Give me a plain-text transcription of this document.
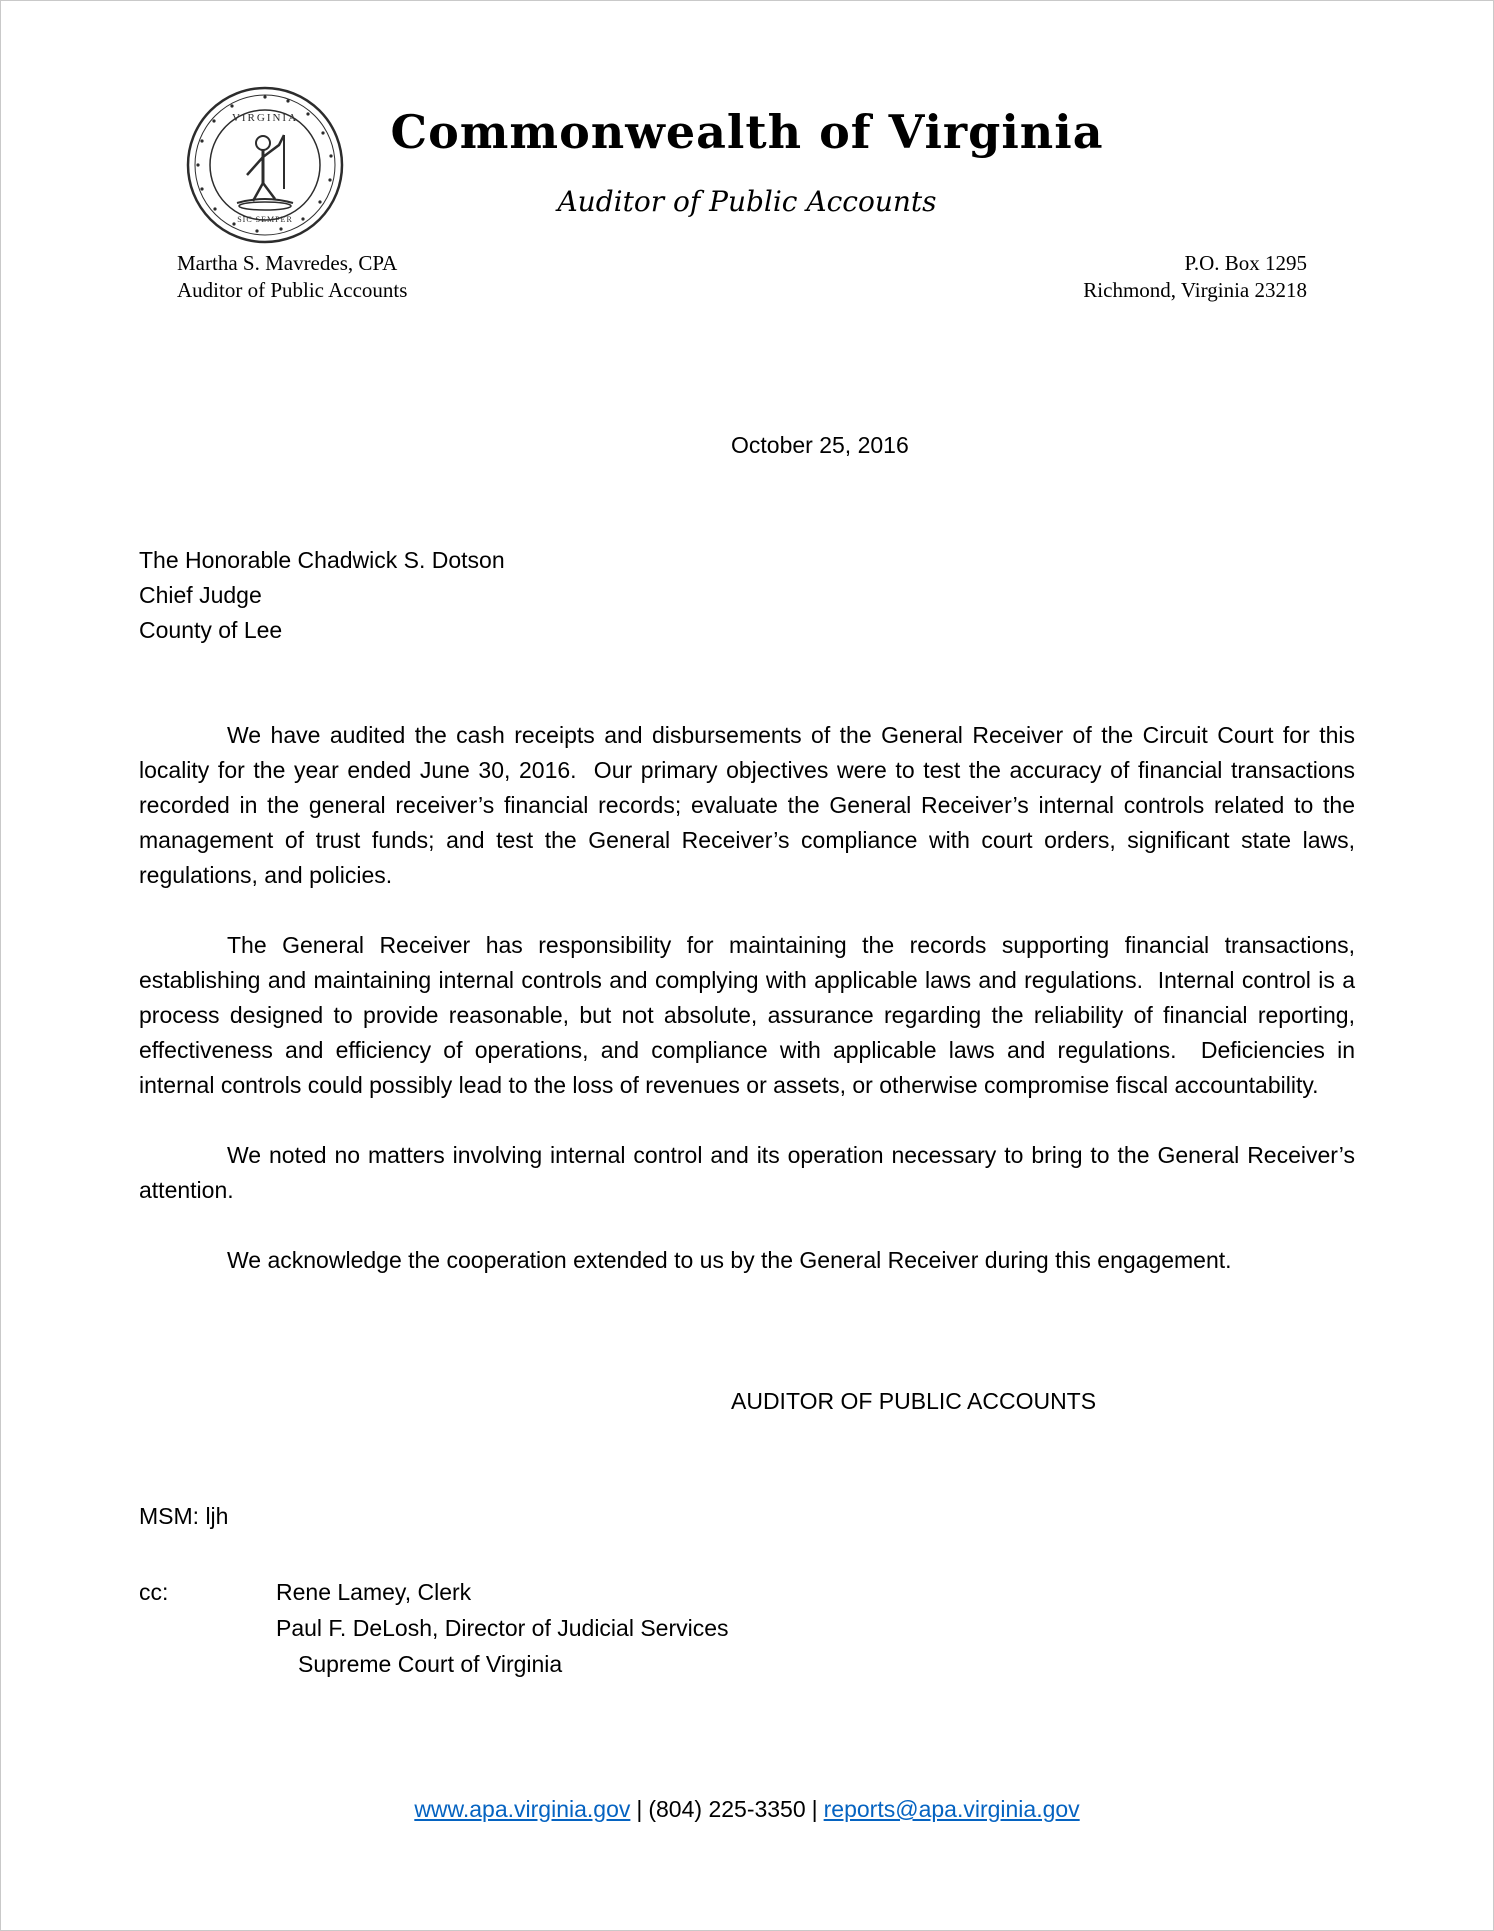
VIRGINIA
SIC SEMPER
Commonwealth of Virginia
Auditor of Public Accounts
Martha S. Mavredes, CPA
Auditor of Public Accounts
P.O. Box 1295
Richmond, Virginia 23218
October 25, 2016
The Honorable Chadwick S. Dotson
Chief Judge
County of Lee
We have audited the cash receipts and disbursements of the General Receiver of the Circuit Court for this locality for the year ended June 30, 2016.  Our primary objectives were to test the accuracy of financial transactions recorded in the general receiver’s financial records; evaluate the General Receiver’s internal controls related to the management of trust funds; and test the General Receiver’s compliance with court orders, significant state laws, regulations, and policies.
The General Receiver has responsibility for maintaining the records supporting financial transactions, establishing and maintaining internal controls and complying with applicable laws and regulations.  Internal control is a process designed to provide reasonable, but not absolute, assurance regarding the reliability of financial reporting, effectiveness and efficiency of operations, and compliance with applicable laws and regulations.  Deficiencies in internal controls could possibly lead to the loss of revenues or assets, or otherwise compromise fiscal accountability.
We noted no matters involving internal control and its operation necessary to bring to the General Receiver’s attention.
We acknowledge the cooperation extended to us by the General Receiver during this engagement.
AUDITOR OF PUBLIC ACCOUNTS
MSM: ljh
cc:	Rene Lamey, Clerk
Paul F. DeLosh, Director of Judicial Services
Supreme Court of Virginia
www.apa.virginia.gov | (804) 225-3350 | reports@apa.virginia.gov
